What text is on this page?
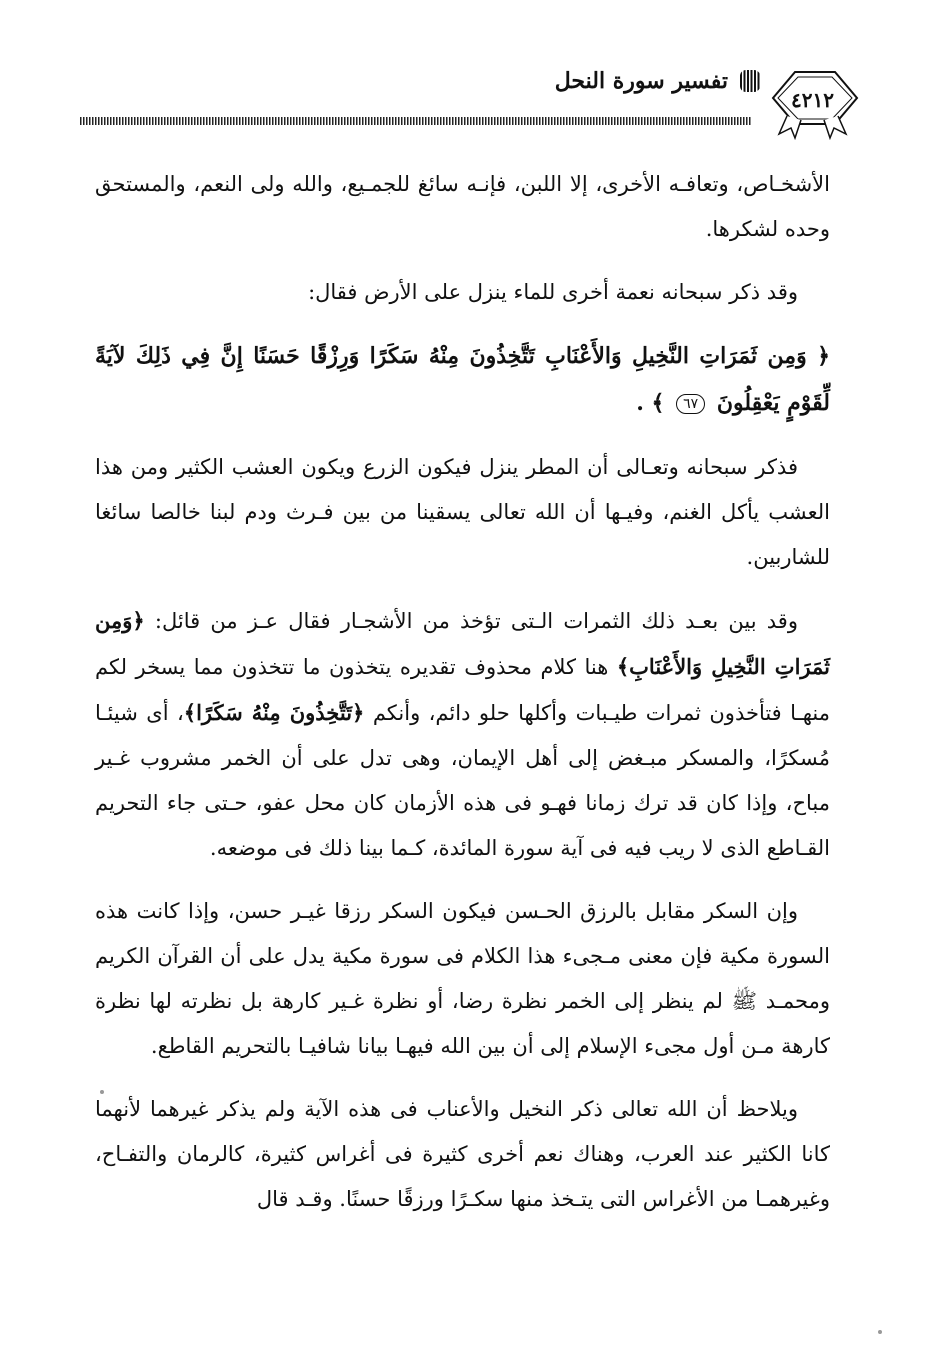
٤٢١٢
تفسير سورة النحل

الأشخـاص، وتعافـه الأخرى، إلا اللبن، فإنـه سائغ للجمـيع، والله ولى النعم، والمستحق وحده لشكرها.

وقد ذكر سبحانه نعمة أخرى للماء ينزل على الأرض فقال:

﴿ وَمِن ثَمَرَاتِ النَّخِيلِ وَالأَعْنَابِ تَتَّخِذُونَ مِنْهُ سَكَرًا وَرِزْقًا حَسَنًا إِنَّ فِي ذَلِكَ لآيَةً لِّقَوْمٍ يَعْقِلُونَ ٦٧ ﴾ .

فذكر سبحانه وتعـالى أن المطر ينزل فيكون الزرع ويكون العشب الكثير ومن هذا العشب يأكل الغنم، وفيـها أن الله تعالى يسقينا من بين فـرث ودم لبنا خالصا سائغا للشاربين.

وقد بين بعـد ذلك الثمرات الـتى تؤخذ من الأشجـار فقال عـز من قائل: ﴿وَمِن ثَمَرَاتِ النَّخِيلِ وَالأَعْنَابِ﴾ هنا كلام محذوف تقديره يتخذون ما تتخذون مما يسخر لكم منهـا فتأخذون ثمرات طيـبات وأكلها حلو دائم، وأنكم ﴿تَتَّخِذُونَ مِنْهُ سَكَرًا﴾، أى شيئـا مُسكرًا، والمسكر مبـغض إلى أهل الإيمان، وهى تدل على أن الخمر مشروب غـير مباح، وإذا كان قد ترك زمانا فهـو فى هذه الأزمان كان محل عفو، حـتى جاء التحريم القـاطع الذى لا ريب فيه فى آية سورة المائدة، كـما بينا ذلك فى موضعه.

وإن السكر مقابل بالرزق الحـسن فيكون السكر رزقا غيـر حسن، وإذا كانت هذه السورة مكية فإن معنى مـجىء هذا الكلام فى سورة مكية يدل على أن القرآن الكريم ومحمـد ﷺ لم ينظر إلى الخمر نظرة رضا، أو نظرة غـير كارهة بل نظرته لها نظرة كارهة مـن أول مجىء الإسلام إلى أن بين الله فيهـا بيانا شافيـا بالتحريم القاطع.

ويلاحظ أن الله تعالى ذكر النخيل والأعناب فى هذه الآية ولم يذكر غيرهما لأنهما كانا الكثير عند العرب، وهناك نعم أخرى كثيرة فى أغراس كثيرة، كالرمان والتفـاح، وغيرهمـا من الأغراس التى يتـخذ منها سكـرًا ورزقًا حسنًا. وقـد قال
